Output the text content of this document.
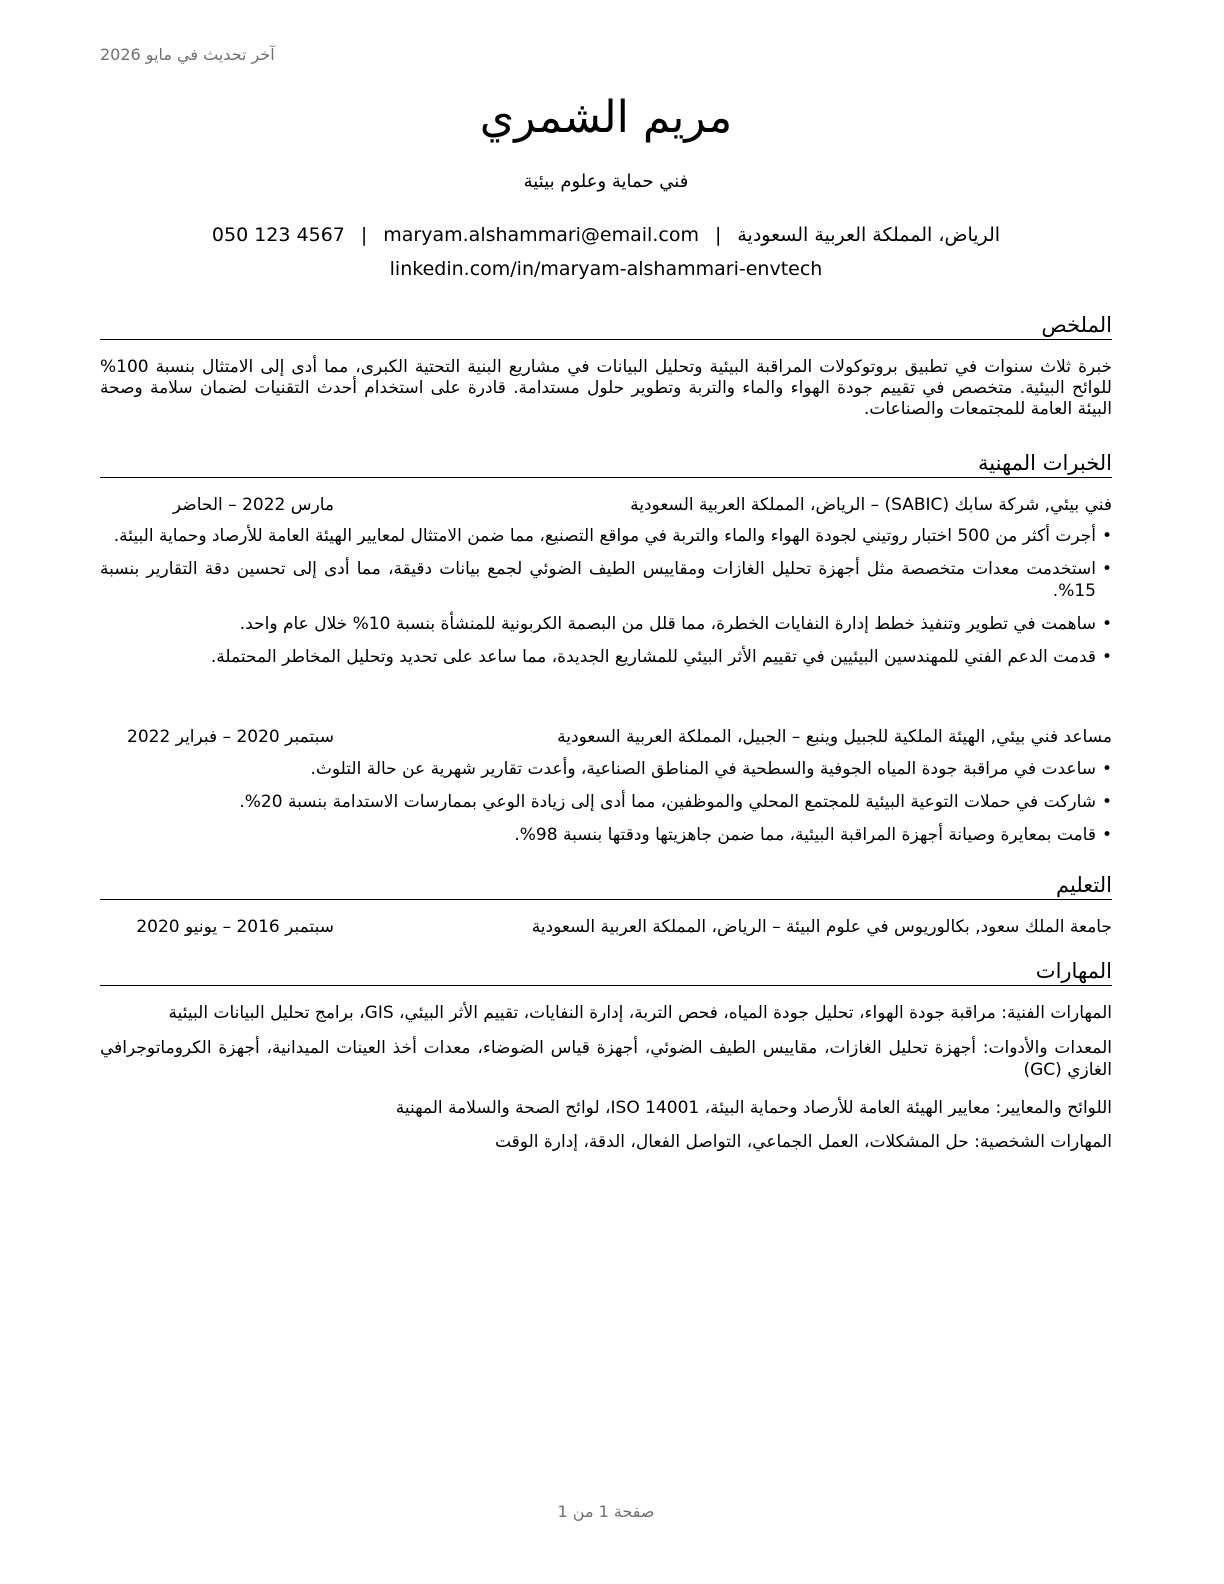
آخر تحديث في مايو 2026
مريم الشمري
فني حماية وعلوم بيئية
الرياض، المملكة العربية السعودية|maryam.alshammari@email.com|050 123 4567
linkedin.com/in/maryam-alshammari-envtech
الملخص
خبرة ثلاث سنوات في تطبيق بروتوكولات المراقبة البيئية وتحليل البيانات في مشاريع البنية التحتية الكبرى، مما أدى إلى الامتثال بنسبة 100% للوائح البيئية. متخصص في تقييم جودة الهواء والماء والتربة وتطوير حلول مستدامة. قادرة على استخدام أحدث التقنيات لضمان سلامة وصحة البيئة العامة للمجتمعات والصناعات.
الخبرات المهنية
فني بيئي, شركة سابك (SABIC) – الرياض، المملكة العربية السعودية
مارس 2022 – الحاضر
•
أجرت أكثر من 500 اختبار روتيني لجودة الهواء والماء والتربة في مواقع التصنيع، مما ضمن الامتثال لمعايير الهيئة العامة للأرصاد وحماية البيئة.
•
استخدمت معدات متخصصة مثل أجهزة تحليل الغازات ومقاييس الطيف الضوئي لجمع بيانات دقيقة، مما أدى إلى تحسين دقة التقارير بنسبة 15%.
•
ساهمت في تطوير وتنفيذ خطط إدارة النفايات الخطرة، مما قلل من البصمة الكربونية للمنشأة بنسبة 10% خلال عام واحد.
•
قدمت الدعم الفني للمهندسين البيئيين في تقييم الأثر البيئي للمشاريع الجديدة، مما ساعد على تحديد وتحليل المخاطر المحتملة.
مساعد فني بيئي, الهيئة الملكية للجبيل وينبع – الجبيل، المملكة العربية السعودية
سبتمبر 2020 – فبراير 2022
•
ساعدت في مراقبة جودة المياه الجوفية والسطحية في المناطق الصناعية، وأعدت تقارير شهرية عن حالة التلوث.
•
شاركت في حملات التوعية البيئية للمجتمع المحلي والموظفين، مما أدى إلى زيادة الوعي بممارسات الاستدامة بنسبة 20%.
•
قامت بمعايرة وصيانة أجهزة المراقبة البيئية، مما ضمن جاهزيتها ودقتها بنسبة 98%.
التعليم
جامعة الملك سعود, بكالوريوس في علوم البيئة – الرياض، المملكة العربية السعودية
سبتمبر 2016 – يونيو 2020
المهارات
المهارات الفنية: مراقبة جودة الهواء، تحليل جودة المياه، فحص التربة، إدارة النفايات، تقييم الأثر البيئي، GIS، برامج تحليل البيانات البيئية
المعدات والأدوات: أجهزة تحليل الغازات، مقاييس الطيف الضوئي، أجهزة قياس الضوضاء، معدات أخذ العينات الميدانية، أجهزة الكروماتوجرافي الغازي (GC)
اللوائح والمعايير: معايير الهيئة العامة للأرصاد وحماية البيئة، ISO 14001، لوائح الصحة والسلامة المهنية
المهارات الشخصية: حل المشكلات، العمل الجماعي، التواصل الفعال، الدقة، إدارة الوقت
صفحة 1 من 1
